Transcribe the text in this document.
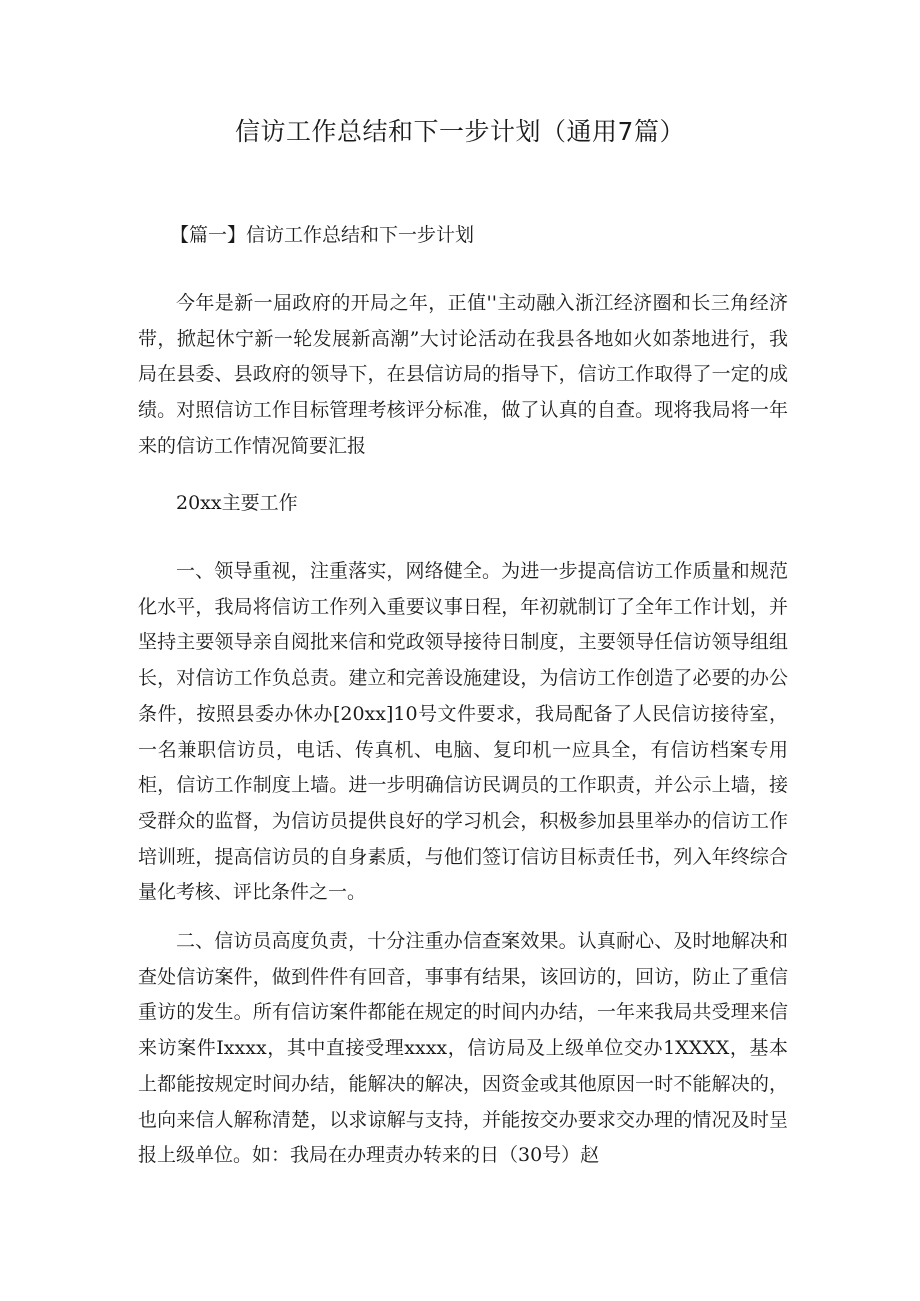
信访工作总结和下一步计划（通用7篇）

【篇一】信访工作总结和下一步计划

今年是新一届政府的开局之年，正值''主动融入浙江经济圈和长三角经济带，掀起休宁新一轮发展新高潮”大讨论活动在我县各地如火如荼地进行，我局在县委、县政府的领导下，在县信访局的指导下，信访工作取得了一定的成绩。对照信访工作目标管理考核评分标准，做了认真的自查。现将我局将一年来的信访工作情况简要汇报

20xx主要工作

一、领导重视，注重落实，网络健全。为进一步提高信访工作质量和规范化水平，我局将信访工作列入重要议事日程，年初就制订了全年工作计划，并坚持主要领导亲自阅批来信和党政领导接待日制度，主要领导任信访领导组组长，对信访工作负总责。建立和完善设施建设，为信访工作创造了必要的办公条件，按照县委办休办[20xx]10号文件要求，我局配备了人民信访接待室，一名兼职信访员，电话、传真机、电脑、复印机一应具全，有信访档案专用柜，信访工作制度上墙。进一步明确信访民调员的工作职责，并公示上墙，接受群众的监督，为信访员提供良好的学习机会，积极参加县里举办的信访工作培训班，提高信访员的自身素质，与他们签订信访目标责任书，列入年终综合量化考核、评比条件之一。

二、信访员高度负责，十分注重办信查案效果。认真耐心、及时地解决和查处信访案件，做到件件有回音，事事有结果，该回访的，回访，防止了重信重访的发生。所有信访案件都能在规定的时间内办结，一年来我局共受理来信来访案件Ixxxx，其中直接受理xxxx，信访局及上级单位交办1XXXX，基本上都能按规定时间办结，能解决的解决，因资金或其他原因一时不能解决的，也向来信人解称清楚，以求谅解与支持，并能按交办要求交办理的情况及时呈报上级单位。如：我局在办理责办转来的日（30号）赵
